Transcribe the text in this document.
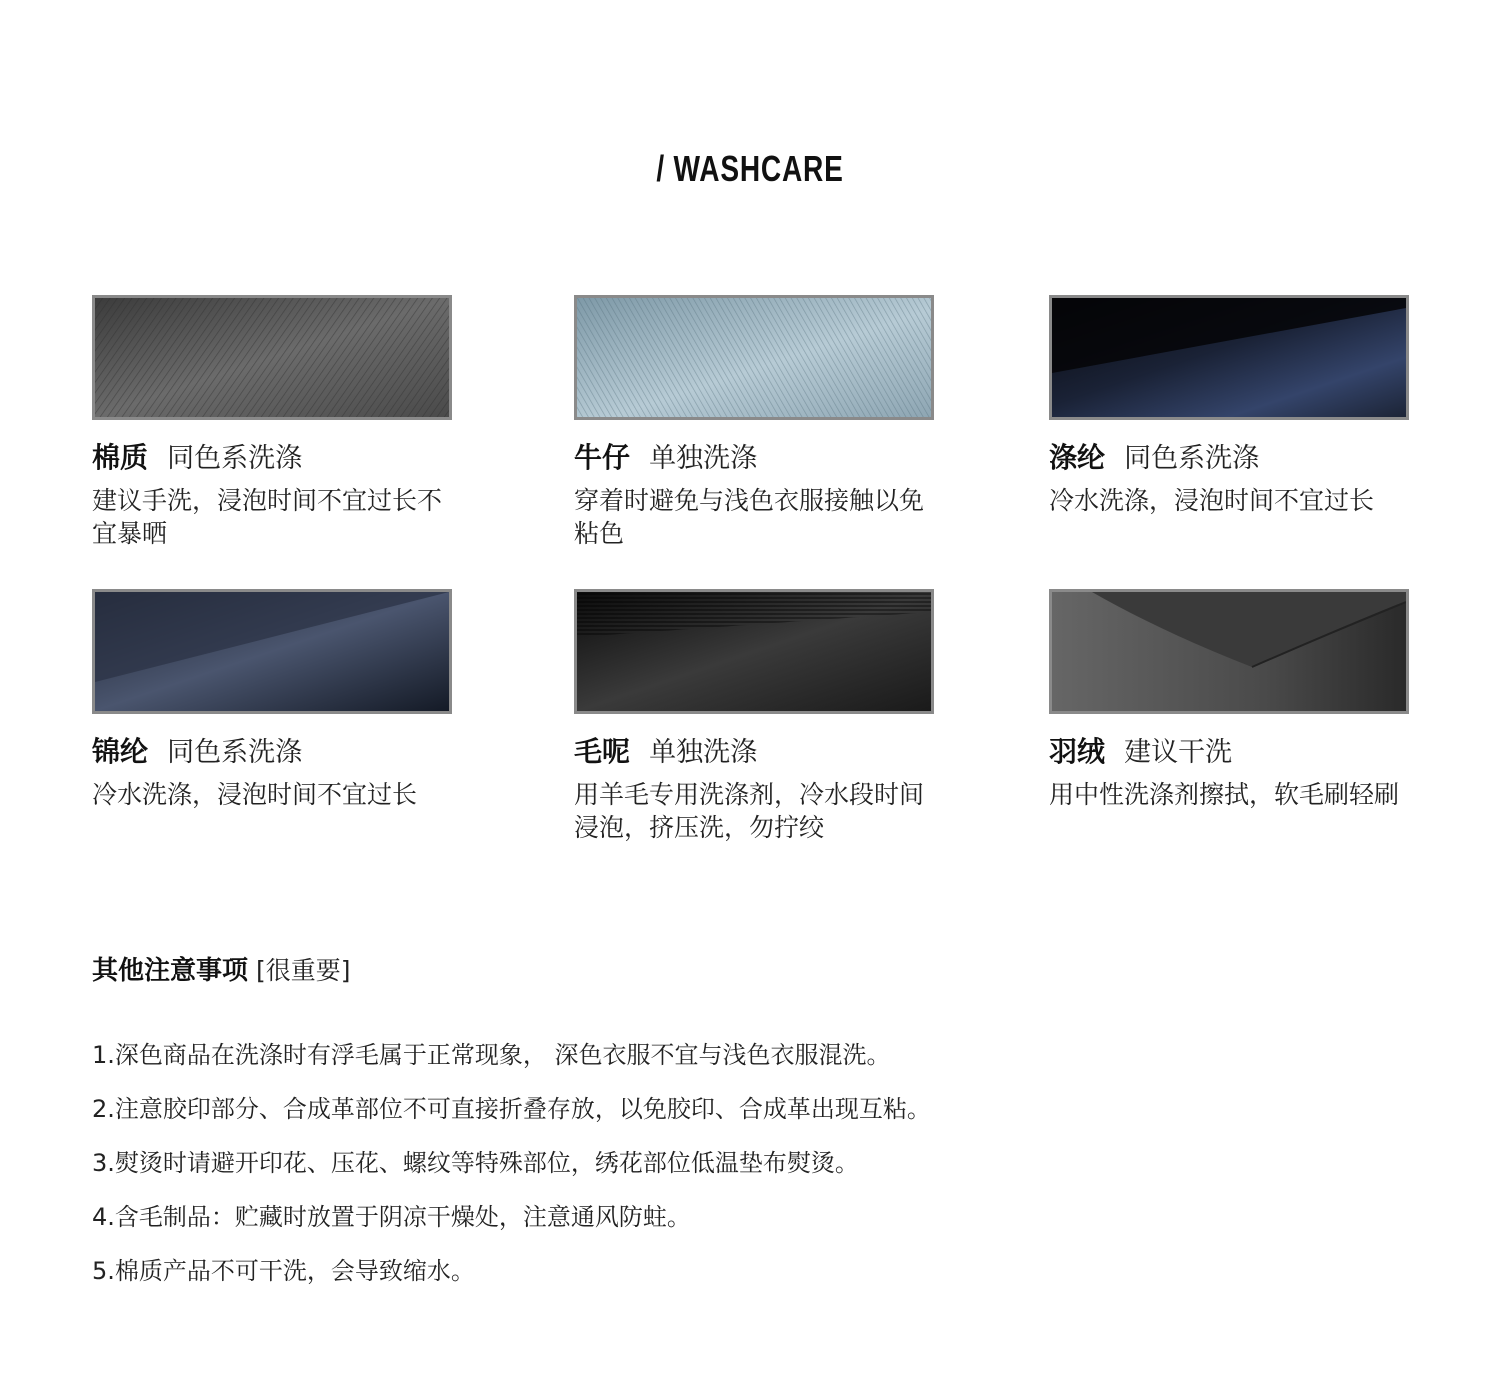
/ WASHCARE
棉质 同色系洗涤
建议手洗，浸泡时间不宜过长不宜暴晒
牛仔 单独洗涤
穿着时避免与浅色衣服接触以免粘色
涤纶 同色系洗涤
冷水洗涤，浸泡时间不宜过长
锦纶 同色系洗涤
冷水洗涤，浸泡时间不宜过长
毛呢 单独洗涤
用羊毛专用洗涤剂，冷水段时间浸泡，挤压洗，勿拧绞
羽绒 建议干洗
用中性洗涤剂擦拭，软毛刷轻刷
其他注意事项 [很重要]
1.深色商品在洗涤时有浮毛属于正常现象， 深色衣服不宜与浅色衣服混洗。
2.注意胶印部分、合成革部位不可直接折叠存放，以免胶印、合成革出现互粘。
3.熨烫时请避开印花、压花、螺纹等特殊部位，绣花部位低温垫布熨烫。
4.含毛制品：贮藏时放置于阴凉干燥处，注意通风防蛀。
5.棉质产品不可干洗，会导致缩水。
